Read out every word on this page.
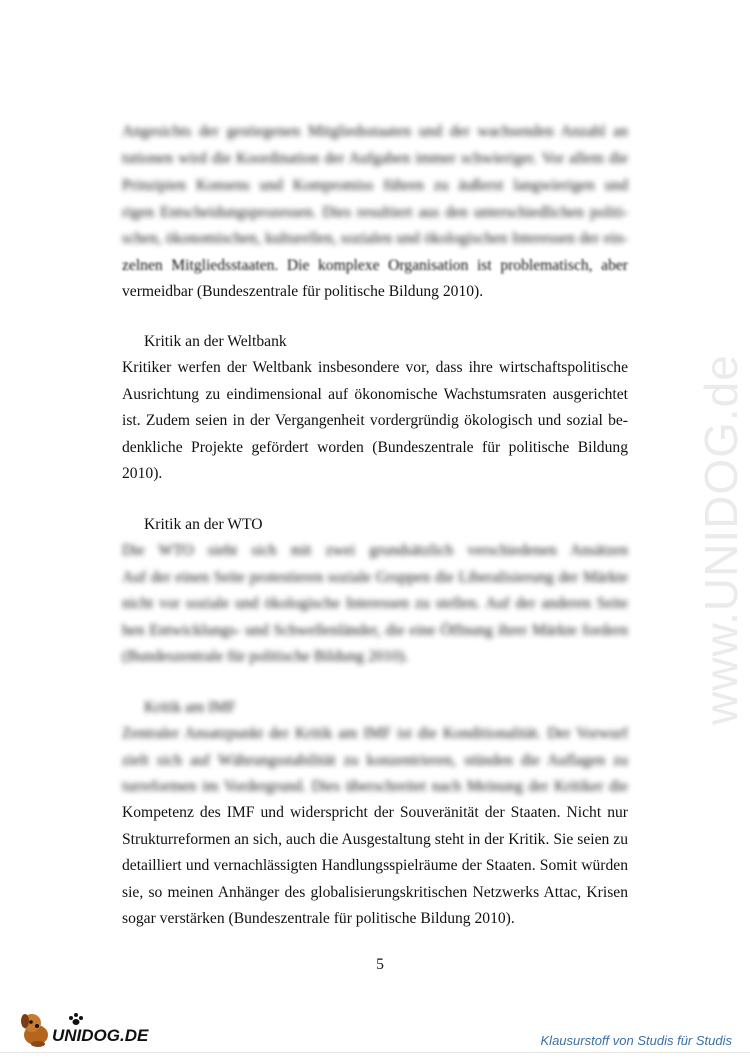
Angesichts der gestiegenen Mitgliedsstaaten und der wachsenden Anzahl an
tutionen wird die Koordination der Aufgaben immer schwieriger. Vor allem die
Prinzipien Konsens und Kompromiss führen zu äußerst langwierigen und
rigen Entscheidungsprozessen. Dies resultiert aus den unterschiedlichen politi-
schen, ökonomischen, kulturellen, sozialen und ökologischen Interessen der ein-
zelnen Mitgliedsstaaten. Die komplexe Organisation ist problematisch, aber
vermeidbar (Bundeszentrale für politische Bildung 2010).
Kritik an der Weltbank
Kritiker werfen der Weltbank insbesondere vor, dass ihre wirtschaftspolitische
Ausrichtung zu eindimensional auf ökonomische Wachstumsraten ausgerichtet
ist. Zudem seien in der Vergangenheit vordergründig ökologisch und sozial be-
denkliche Projekte gefördert worden (Bundeszentrale für politische Bildung
2010).
Kritik an der WTO
Die WTO sieht sich mit zwei grundsätzlich verschiedenen Ansätzen
Auf der einen Seite protestieren soziale Gruppen die Liberalisierung der Märkte
nicht vor soziale und ökologische Interessen zu stellen. Auf der anderen Seite
hen Entwicklungs- und Schwellenländer, die eine Öffnung ihrer Märkte fordern
(Bundeszentrale für politische Bildung 2010).
Kritik am IMF
Zentraler Ansatzpunkt der Kritik am IMF ist die Konditionalität. Der Vorwurf
zielt sich auf Währungsstabilität zu konzentrieren, stünden die Auflagen zu
turreformen im Vordergrund. Dies überschreitet nach Meinung der Kritiker die
Kompetenz des IMF und widerspricht der Souveränität der Staaten. Nicht nur
Strukturreformen an sich, auch die Ausgestaltung steht in der Kritik. Sie seien zu
detailliert und vernachlässigten Handlungsspielräume der Staaten. Somit würden
sie, so meinen Anhänger des globalisierungskritischen Netzwerks Attac, Krisen
sogar verstärken (Bundeszentrale für politische Bildung 2010).
5
www.UNIDOG.de
UNIDOG.DE	Klausurstoff von Studis für Studis
